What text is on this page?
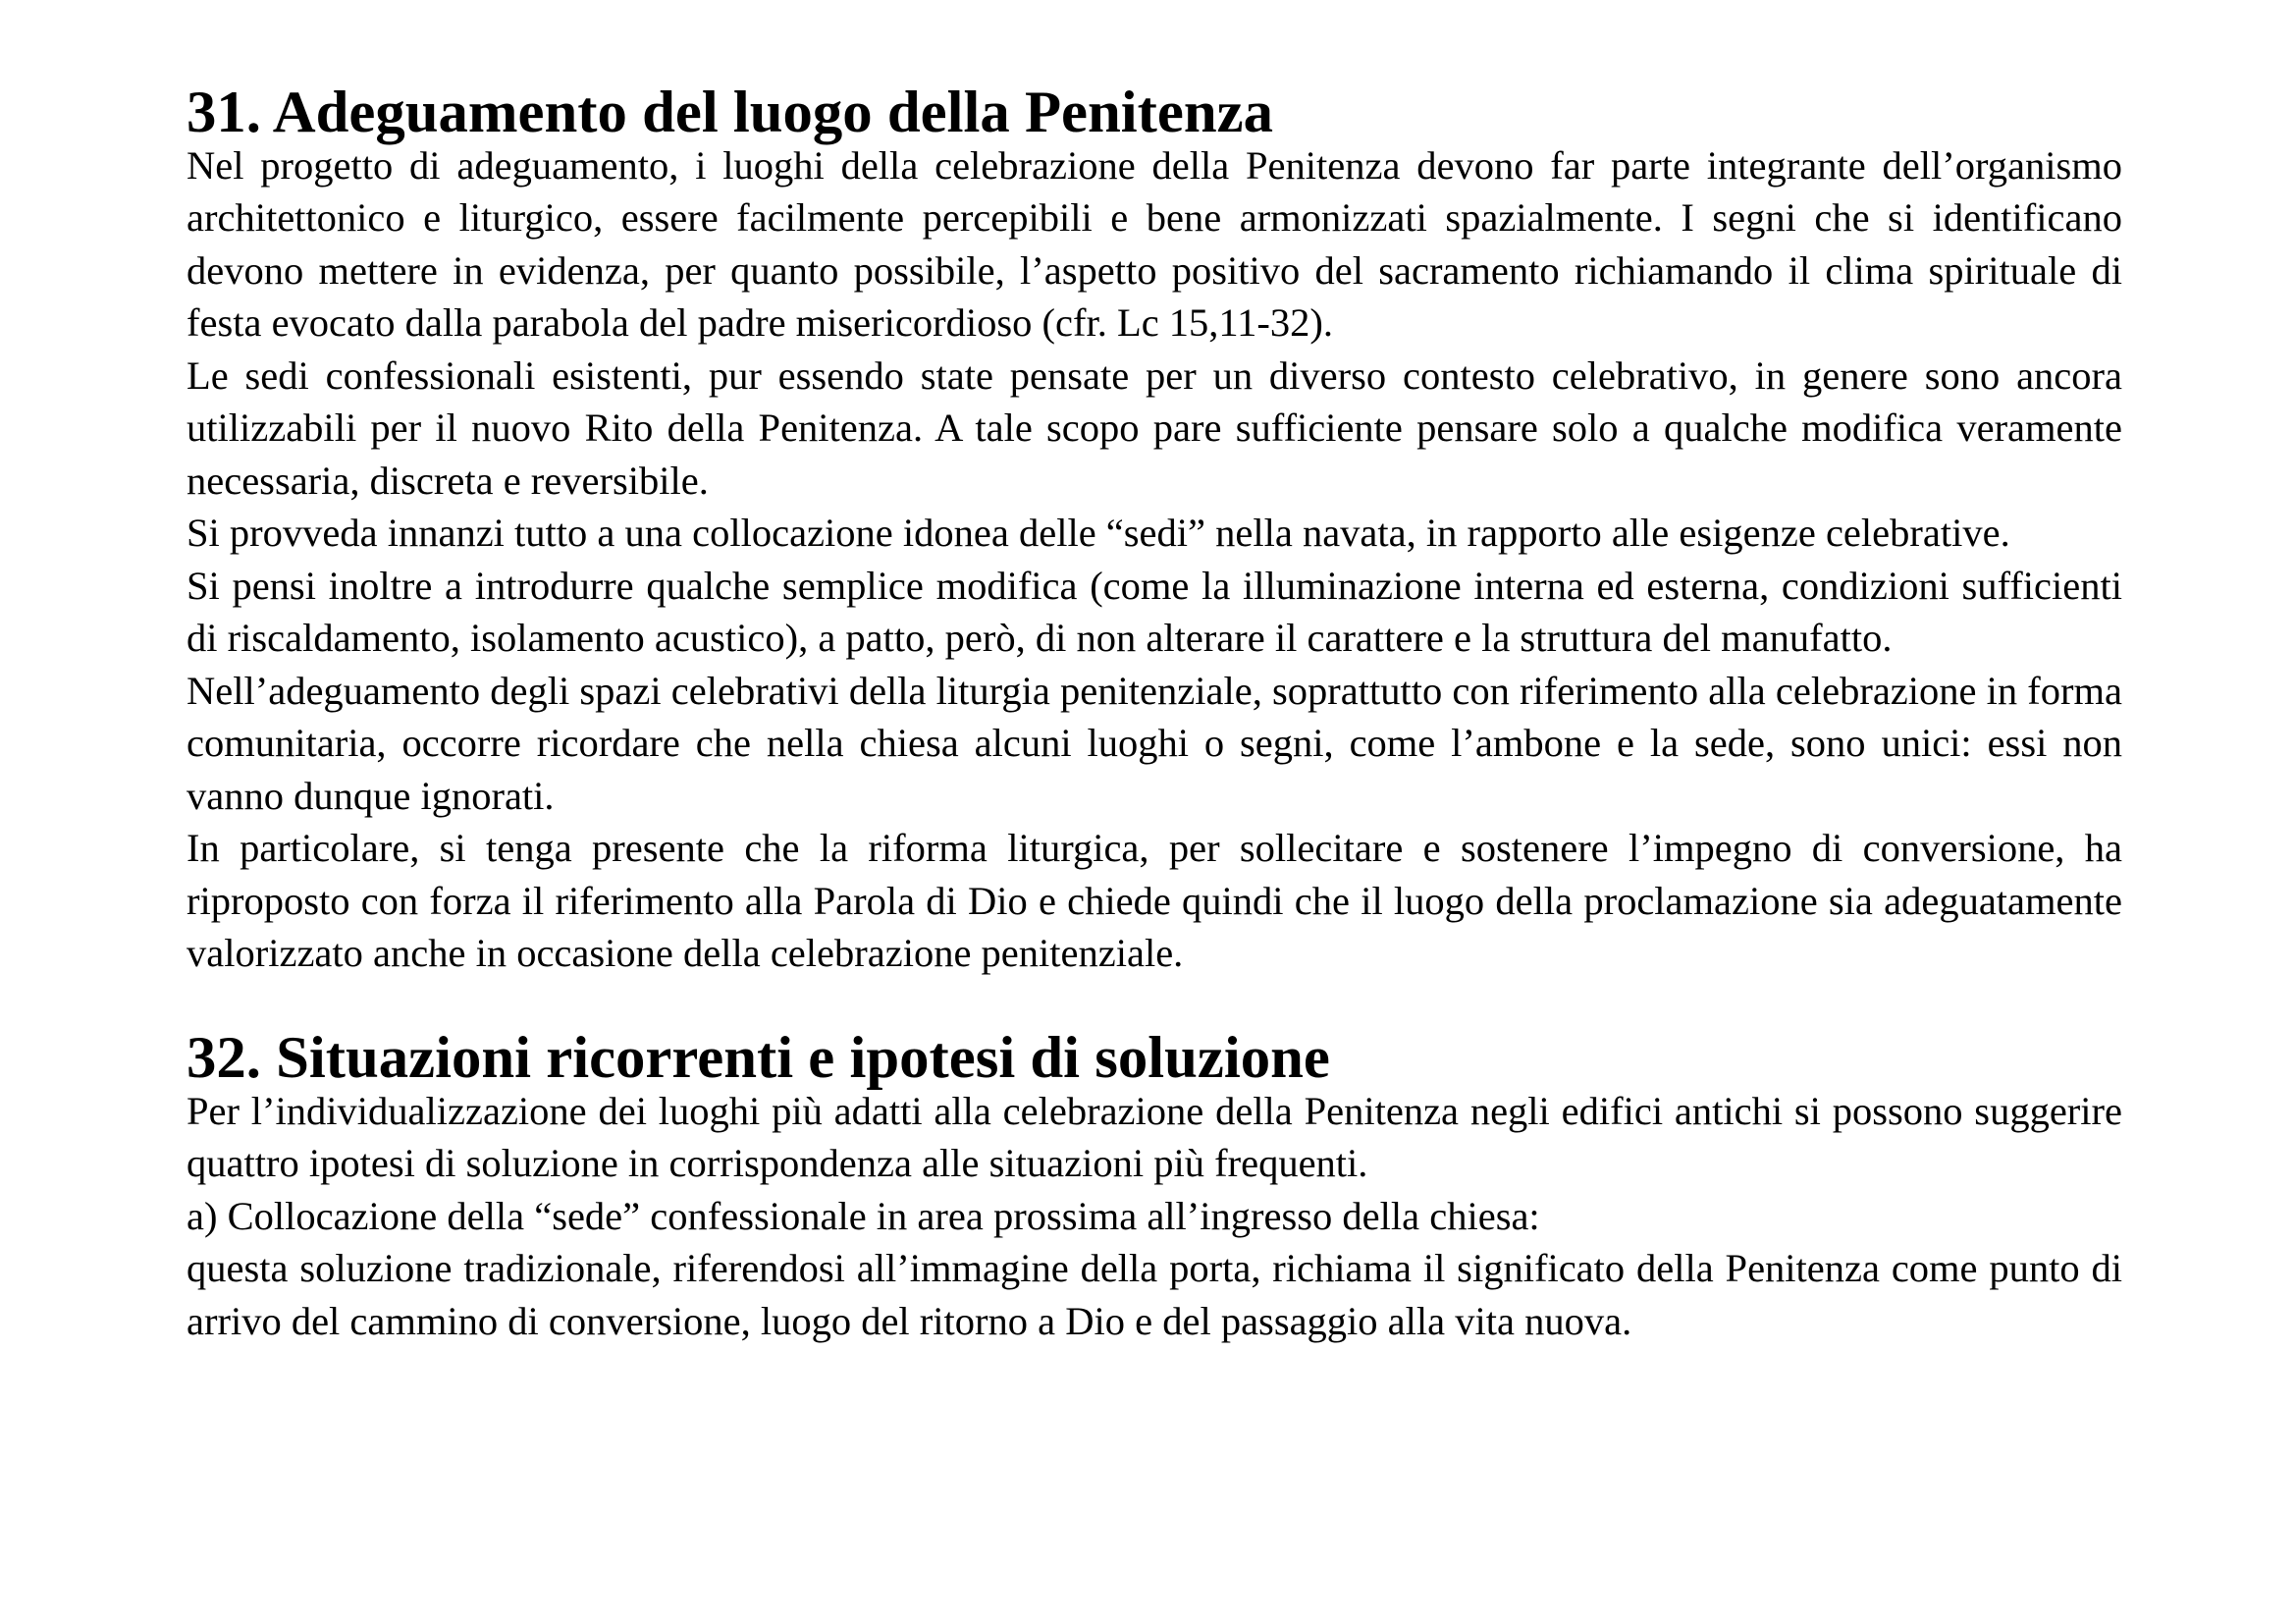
31. Adeguamento del luogo della Penitenza

Nel progetto di adeguamento, i luoghi della celebrazione della Penitenza devono far parte integrante dell’organismo architettonico e liturgico, essere facilmente percepibili e bene armonizzati spazialmente. I segni che si identificano devono mettere in evidenza, per quanto possibile, l’aspetto positivo del sacramento richiamando il clima spirituale di festa evocato dalla parabola del padre misericordioso (cfr. Lc 15,11-32).

Le sedi confessionali esistenti, pur essendo state pensate per un diverso contesto celebrativo, in genere sono ancora utilizzabili per il nuovo Rito della Penitenza. A tale scopo pare sufficiente pensare solo a qualche modifica veramente necessaria, discreta e reversibile.

Si provveda innanzi tutto a una collocazione idonea delle “sedi” nella navata, in rapporto alle esigenze celebrative.

Si pensi inoltre a introdurre qualche semplice modifica (come la illuminazione interna ed esterna, condizioni sufficienti di riscaldamento, isolamento acustico), a patto, però, di non alterare il carattere e la struttura del manufatto.

Nell’adeguamento degli spazi celebrativi della liturgia penitenziale, soprattutto con riferimento alla celebrazione in forma comunitaria, occorre ricordare che nella chiesa alcuni luoghi o segni, come l’ambone e la sede, sono unici: essi non vanno dunque ignorati.

In particolare, si tenga presente che la riforma liturgica, per sollecitare e sostenere l’impegno di conversione, ha riproposto con forza il riferimento alla Parola di Dio e chiede quindi che il luogo della proclamazione sia adeguatamente valorizzato anche in occasione della celebrazione penitenziale.

32. Situazioni ricorrenti e ipotesi di soluzione

Per l’individualizzazione dei luoghi più adatti alla celebrazione della Penitenza negli edifici antichi si possono suggerire quattro ipotesi di soluzione in corrispondenza alle situazioni più frequenti.

a) Collocazione della “sede” confessionale in area prossima all’ingresso della chiesa:

questa soluzione tradizionale, riferendosi all’immagine della porta, richiama il significato della Penitenza come punto di arrivo del cammino di conversione, luogo del ritorno a Dio e del passaggio alla vita nuova.
